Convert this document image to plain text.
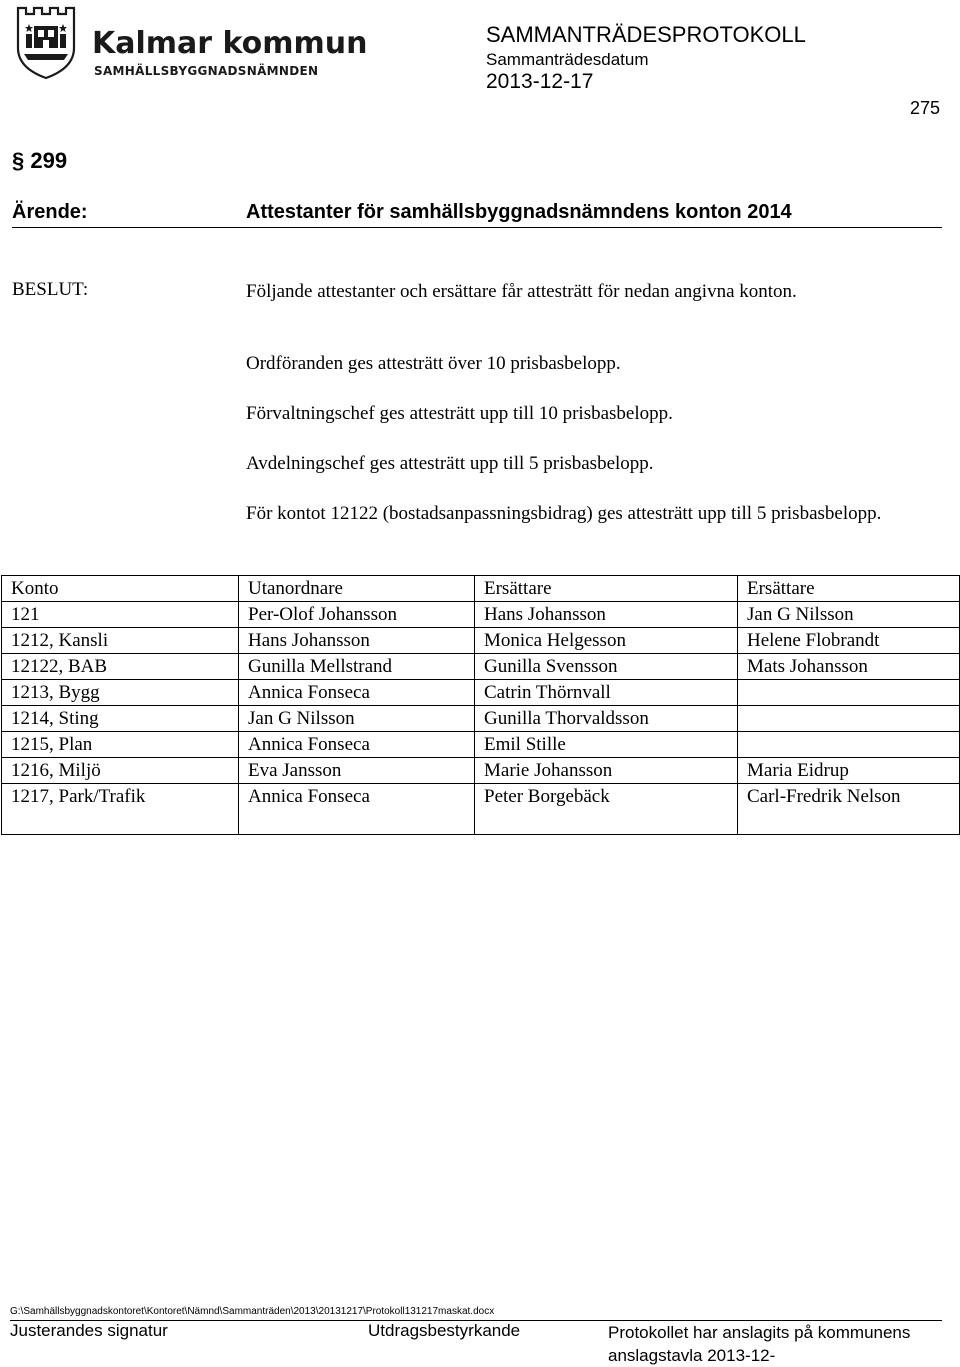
Kalmar kommun
SAMHÄLLSBYGGNADSNÄMNDEN
SAMMANTRÄDESPROTOKOLL
Sammanträdesdatum
2013-12-17
275
§ 299
Ärende:	Attestanter för samhällsbyggnadsnämndens konton 2014
BESLUT:	Följande attestanter och ersättare får attesträtt för nedan angivna konton.
Ordföranden ges attesträtt över 10 prisbasbelopp.
Förvaltningschef ges attesträtt upp till 10 prisbasbelopp.
Avdelningschef ges attesträtt upp till 5 prisbasbelopp.
För kontot 12122 (bostadsanpassningsbidrag) ges attesträtt upp till 5 prisbasbelopp.
Konto	Utanordnare	Ersättare	Ersättare
121	Per-Olof Johansson	Hans Johansson	Jan G Nilsson
1212, Kansli	Hans Johansson	Monica Helgesson	Helene Flobrandt
12122, BAB	Gunilla Mellstrand	Gunilla Svensson	Mats Johansson
1213, Bygg	Annica Fonseca	Catrin Thörnvall	
1214, Sting	Jan G Nilsson	Gunilla Thorvaldsson	
1215, Plan	Annica Fonseca	Emil Stille	
1216, Miljö	Eva Jansson	Marie Johansson	Maria Eidrup
1217, Park/Trafik	Annica Fonseca	Peter Borgebäck	Carl-Fredrik Nelson
G:\Samhällsbyggnadskontoret\Kontoret\Nämnd\Sammanträden\2013\20131217\Protokoll131217maskat.docx
Justerandes signatur	Utdragsbestyrkande	Protokollet har anslagits på kommunens anslagstavla 2013-12-
